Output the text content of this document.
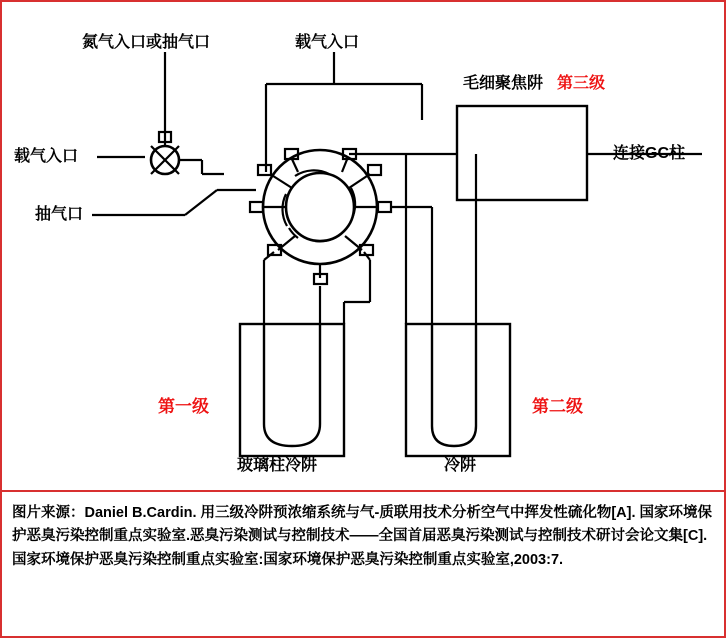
氮气入口或抽气口	载气入口
载气入口
抽气口
毛细聚焦阱 第三级
连接GC柱
第一级	第二级
玻璃柱冷阱	冷阱
图片来源：Daniel B.Cardin. 用三级冷阱预浓缩系统与气-质联用技术分析空气中挥发性硫化物[A]. 国家环境保护恶臭污染控制重点实验室.恶臭污染测试与控制技术——全国首届恶臭污染测试与控制技术研讨会论文集[C].国家环境保护恶臭污染控制重点实验室:国家环境保护恶臭污染控制重点实验室,2003:7.
